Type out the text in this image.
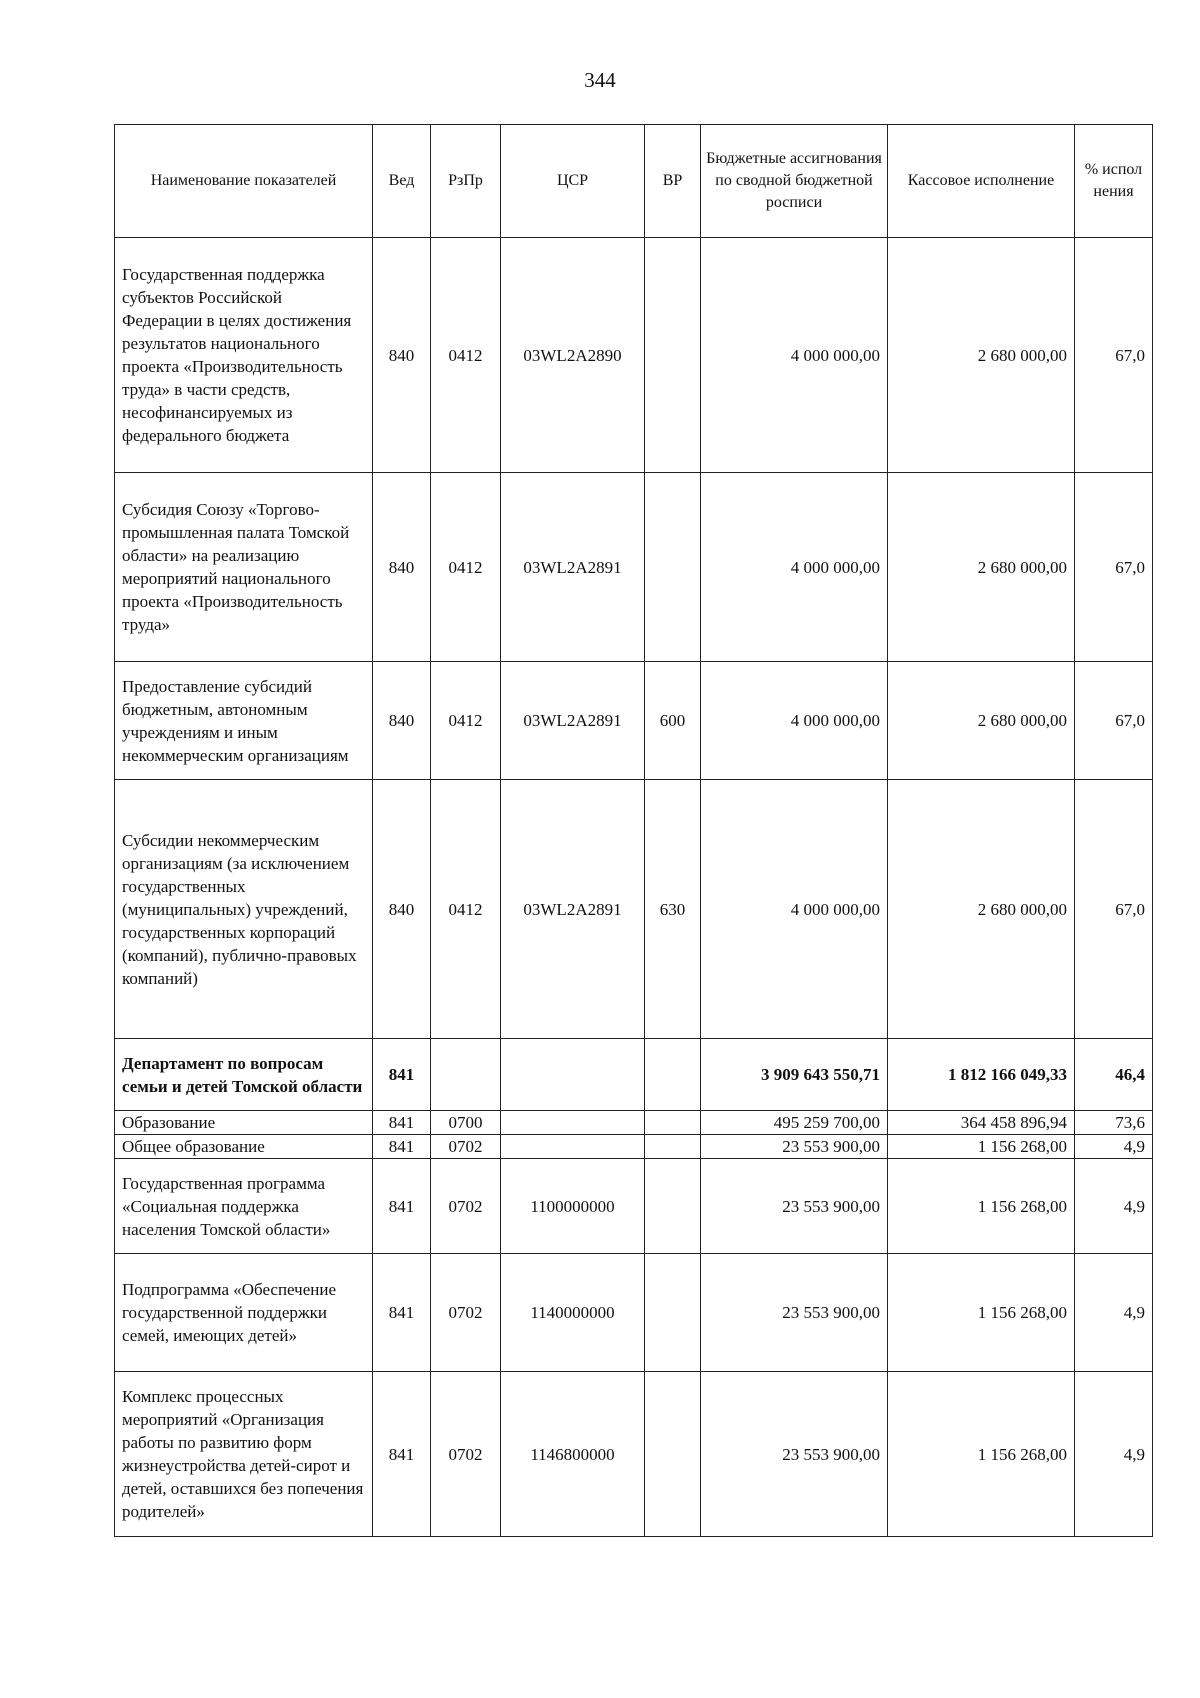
344
Наименование показателей	Вед	РзПр	ЦСР	ВР	Бюджетные ассигнования по сводной бюджетной росписи	Кассовое исполнение	% испол нения
Государственная поддержка субъектов Российской Федерации в целях достижения результатов национального проекта «Производительность труда» в части средств, несофинансируемых из федерального бюджета	840	0412	03WL2A2890		4 000 000,00	2 680 000,00	67,0
Субсидия Союзу «Торгово-промышленная палата Томской области» на реализацию мероприятий национального проекта «Производительность труда»	840	0412	03WL2A2891		4 000 000,00	2 680 000,00	67,0
Предоставление субсидий бюджетным, автономным учреждениям и иным некоммерческим организациям	840	0412	03WL2A2891	600	4 000 000,00	2 680 000,00	67,0
Субсидии некоммерческим организациям (за исключением государственных (муниципальных) учреждений, государственных корпораций (компаний), публично-правовых компаний)	840	0412	03WL2A2891	630	4 000 000,00	2 680 000,00	67,0
Департамент по вопросам семьи и детей Томской области	841				3 909 643 550,71	1 812 166 049,33	46,4
Образование	841	0700			495 259 700,00	364 458 896,94	73,6
Общее образование	841	0702			23 553 900,00	1 156 268,00	4,9
Государственная программа «Социальная поддержка населения Томской области»	841	0702	1100000000		23 553 900,00	1 156 268,00	4,9
Подпрограмма «Обеспечение государственной поддержки семей, имеющих детей»	841	0702	1140000000		23 553 900,00	1 156 268,00	4,9
Комплекс процессных мероприятий «Организация работы по развитию форм жизнеустройства детей-сирот и детей, оставшихся без попечения родителей»	841	0702	1146800000		23 553 900,00	1 156 268,00	4,9
